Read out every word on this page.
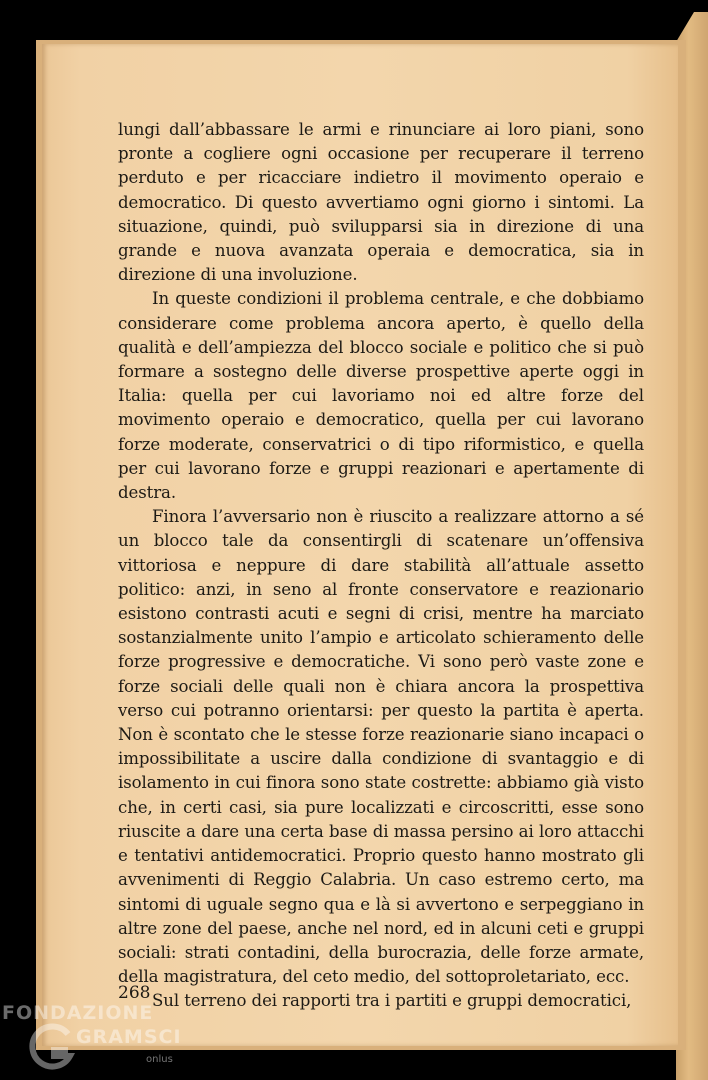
lungi dall’abbassare le armi e rinunciare ai loro piani, sono pronte a cogliere ogni occasione per recuperare il terreno perduto e per ricacciare indietro il movimento operaio e democratico. Di questo avvertiamo ogni giorno i sintomi. La situazione, quindi, può svilupparsi sia in direzione di una grande e nuova avanzata operaia e democratica, sia in direzione di una involuzione.

In queste condizioni il problema centrale, e che dobbiamo considerare come problema ancora aperto, è quello della qualità e dell’ampiezza del blocco sociale e politico che si può formare a sostegno delle diverse prospettive aperte oggi in Italia: quella per cui lavoriamo noi ed altre forze del movimento operaio e democratico, quella per cui lavorano forze moderate, conservatrici o di tipo riformistico, e quella per cui lavorano forze e gruppi reazionari e apertamente di destra.

Finora l’avversario non è riuscito a realizzare attorno a sé un blocco tale da consentirgli di scatenare un’offensiva vittoriosa e neppure di dare stabilità all’attuale assetto politico: anzi, in seno al fronte conservatore e reazionario esistono contrasti acuti e segni di crisi, mentre ha marciato sostanzialmente unito l’ampio e articolato schieramento delle forze progressive e democratiche. Vi sono però vaste zone e forze sociali delle quali non è chiara ancora la prospettiva verso cui potranno orientarsi: per questo la partita è aperta. Non è scontato che le stesse forze reazionarie siano incapaci o impossibilitate a uscire dalla condizione di svantaggio e di isolamento in cui finora sono state costrette: abbiamo già visto che, in certi casi, sia pure localizzati e circoscritti, esse sono riuscite a dare una certa base di massa persino ai loro attacchi e tentativi antidemocratici. Proprio questo hanno mostrato gli avvenimenti di Reggio Calabria. Un caso estremo certo, ma sintomi di uguale segno qua e là si avvertono e serpeggiano in altre zone del paese, anche nel nord, ed in alcuni ceti e gruppi sociali: strati contadini, della burocrazia, delle forze armate, della magistratura, del ceto medio, del sottoproletariato, ecc.

Sul terreno dei rapporti tra i partiti e gruppi democratici,

268
FONDAZIONE
GRAMSCI
onlus
